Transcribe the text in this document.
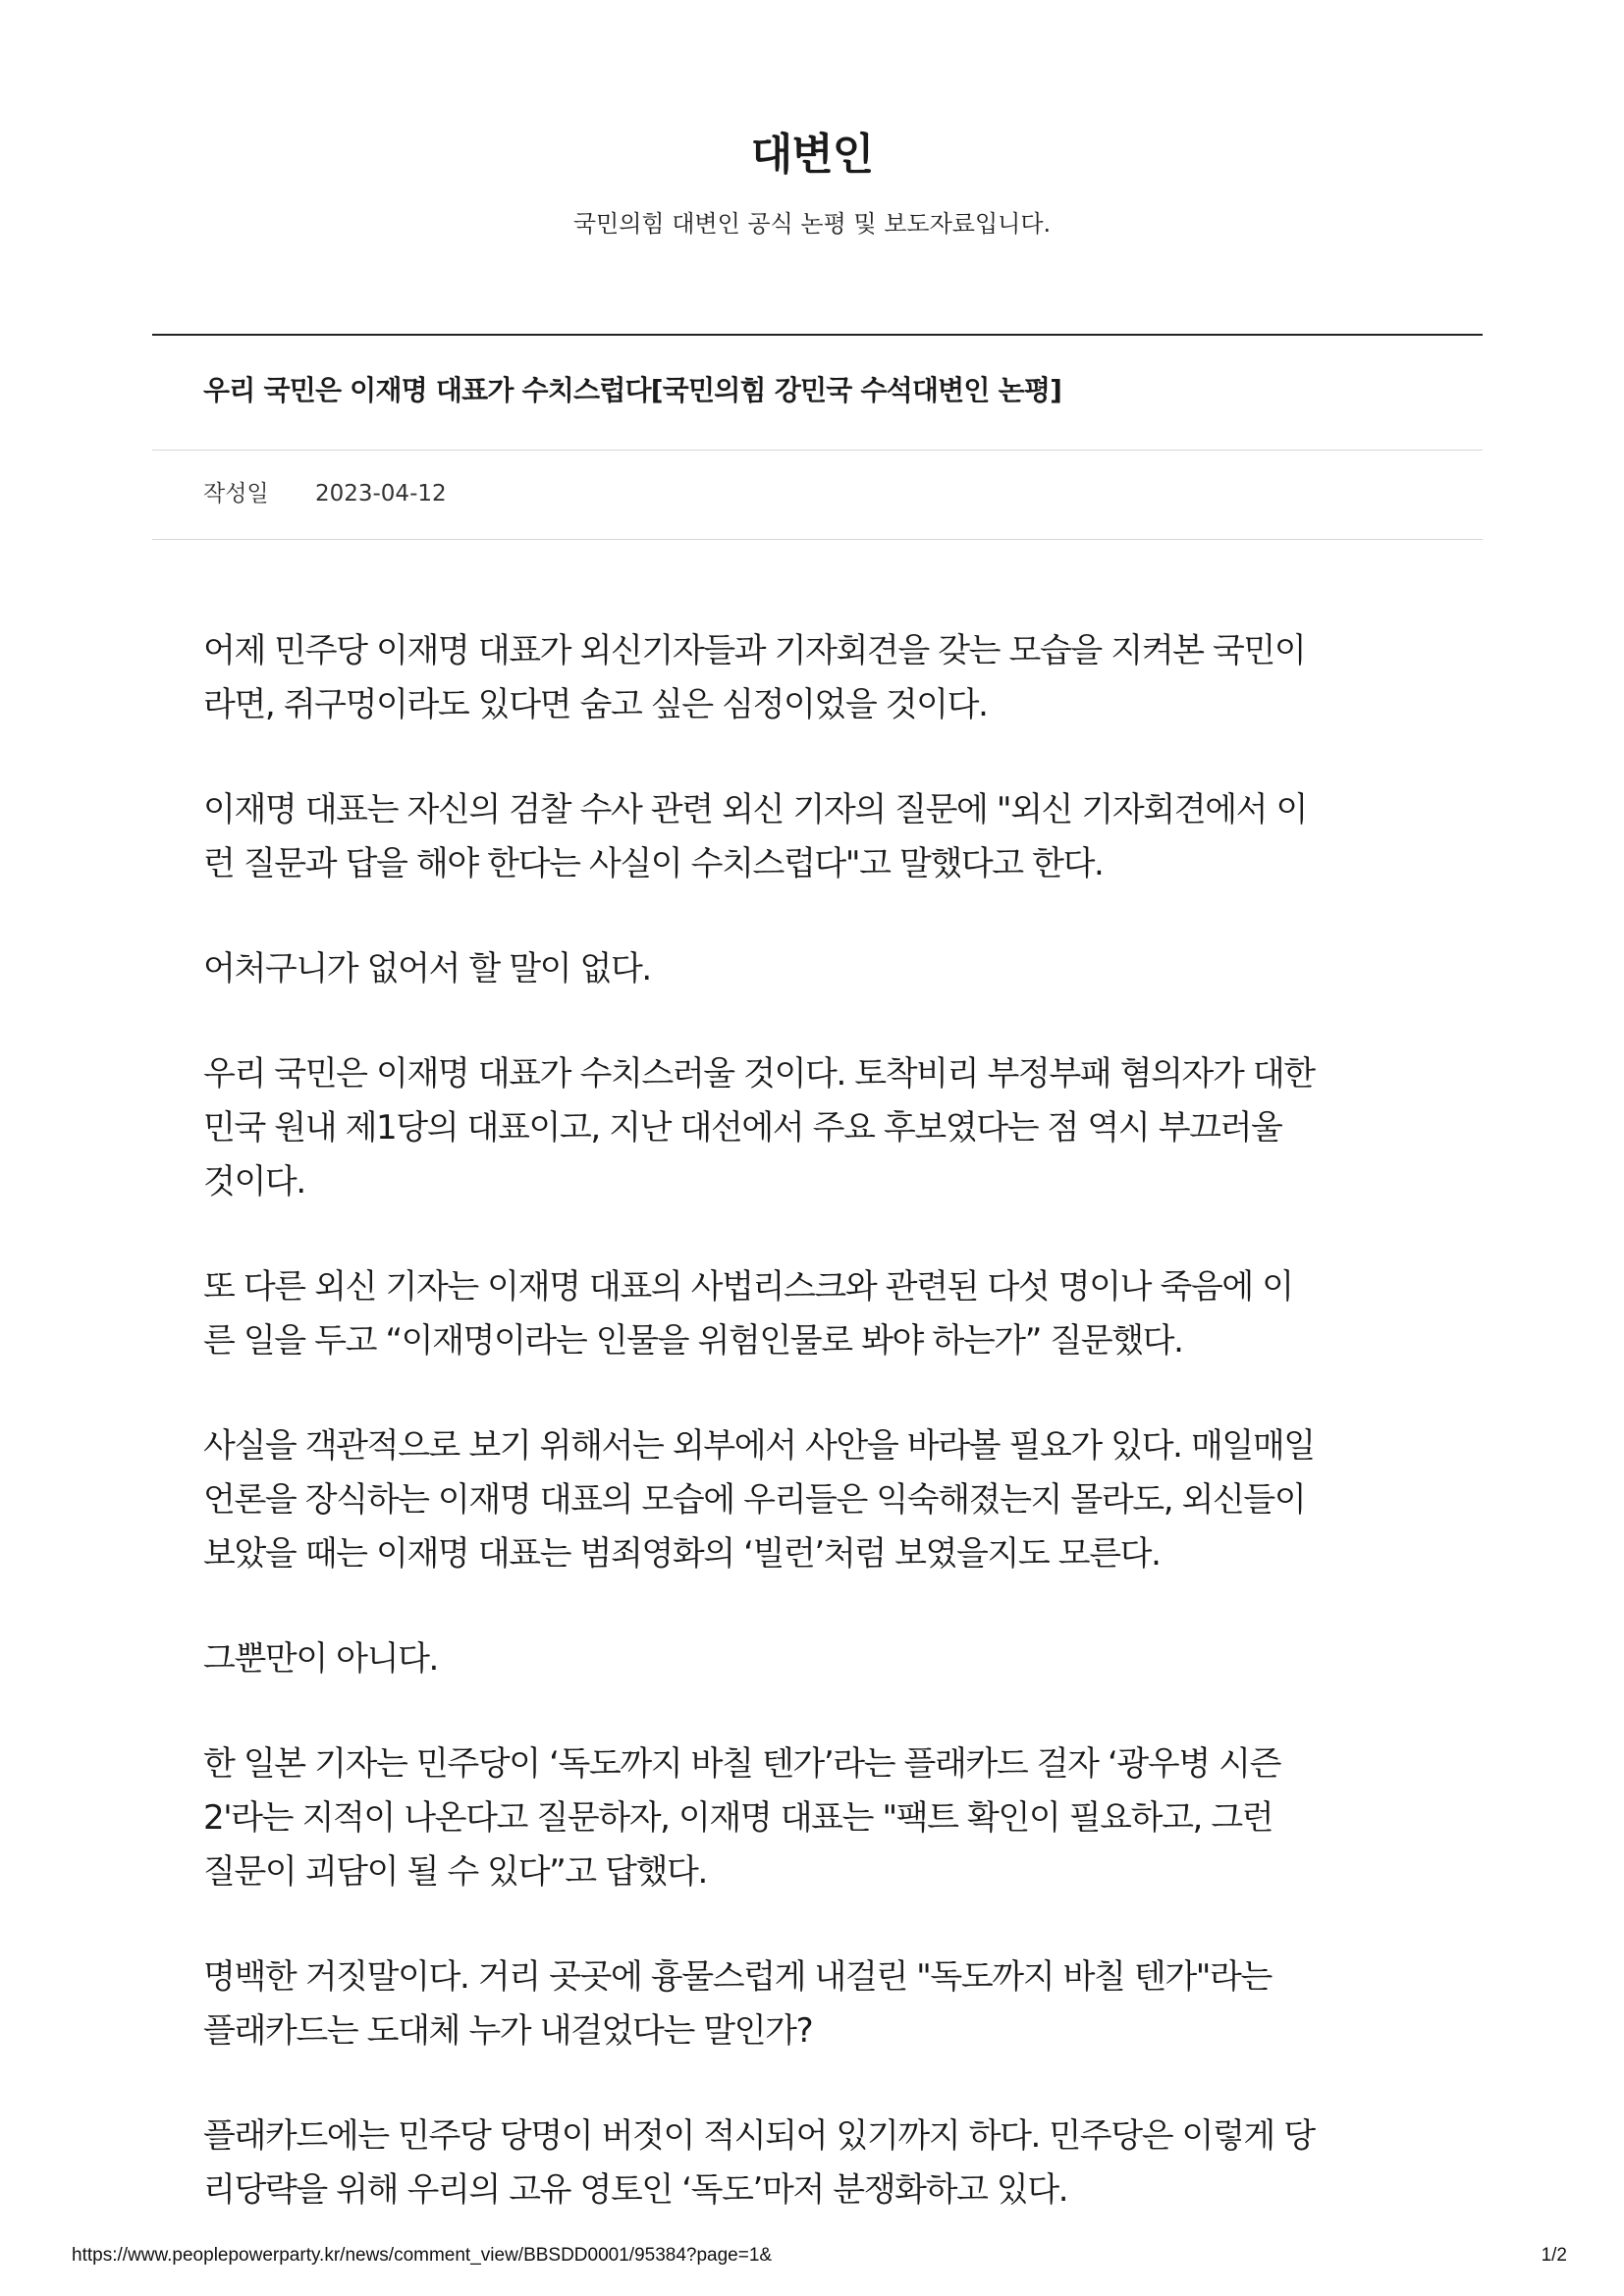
대변인
국민의힘 대변인 공식 논평 및 보도자료입니다.
우리 국민은 이재명 대표가 수치스럽다[국민의힘 강민국 수석대변인 논평]
작성일 2023-04-12

어제 민주당 이재명 대표가 외신기자들과 기자회견을 갖는 모습을 지켜본 국민이
라면, 쥐구멍이라도 있다면 숨고 싶은 심정이었을 것이다.

이재명 대표는 자신의 검찰 수사 관련 외신 기자의 질문에 "외신 기자회견에서 이
런 질문과 답을 해야 한다는 사실이 수치스럽다"고 말했다고 한다.

어처구니가 없어서 할 말이 없다.

우리 국민은 이재명 대표가 수치스러울 것이다. 토착비리 부정부패 혐의자가 대한
민국 원내 제1당의 대표이고, 지난 대선에서 주요 후보였다는 점 역시 부끄러울
것이다.

또 다른 외신 기자는 이재명 대표의 사법리스크와 관련된 다섯 명이나 죽음에 이
른 일을 두고 “이재명이라는 인물을 위험인물로 봐야 하는가” 질문했다.

사실을 객관적으로 보기 위해서는 외부에서 사안을 바라볼 필요가 있다. 매일매일
언론을 장식하는 이재명 대표의 모습에 우리들은 익숙해졌는지 몰라도, 외신들이
보았을 때는 이재명 대표는 범죄영화의 ‘빌런’처럼 보였을지도 모른다.

그뿐만이 아니다.

한 일본 기자는 민주당이 ‘독도까지 바칠 텐가’라는 플래카드 걸자 ‘광우병 시즌
2'라는 지적이 나온다고 질문하자, 이재명 대표는 "팩트 확인이 필요하고, 그런
질문이 괴담이 될 수 있다”고 답했다.

명백한 거짓말이다. 거리 곳곳에 흉물스럽게 내걸린 "독도까지 바칠 텐가"라는
플래카드는 도대체 누가 내걸었다는 말인가?

플래카드에는 민주당 당명이 버젓이 적시되어 있기까지 하다. 민주당은 이렇게 당
리당략을 위해 우리의 고유 영토인 ‘독도’마저 분쟁화하고 있다.

https://www.peoplepowerparty.kr/news/comment_view/BBSDD0001/95384?page=1&	1/2
